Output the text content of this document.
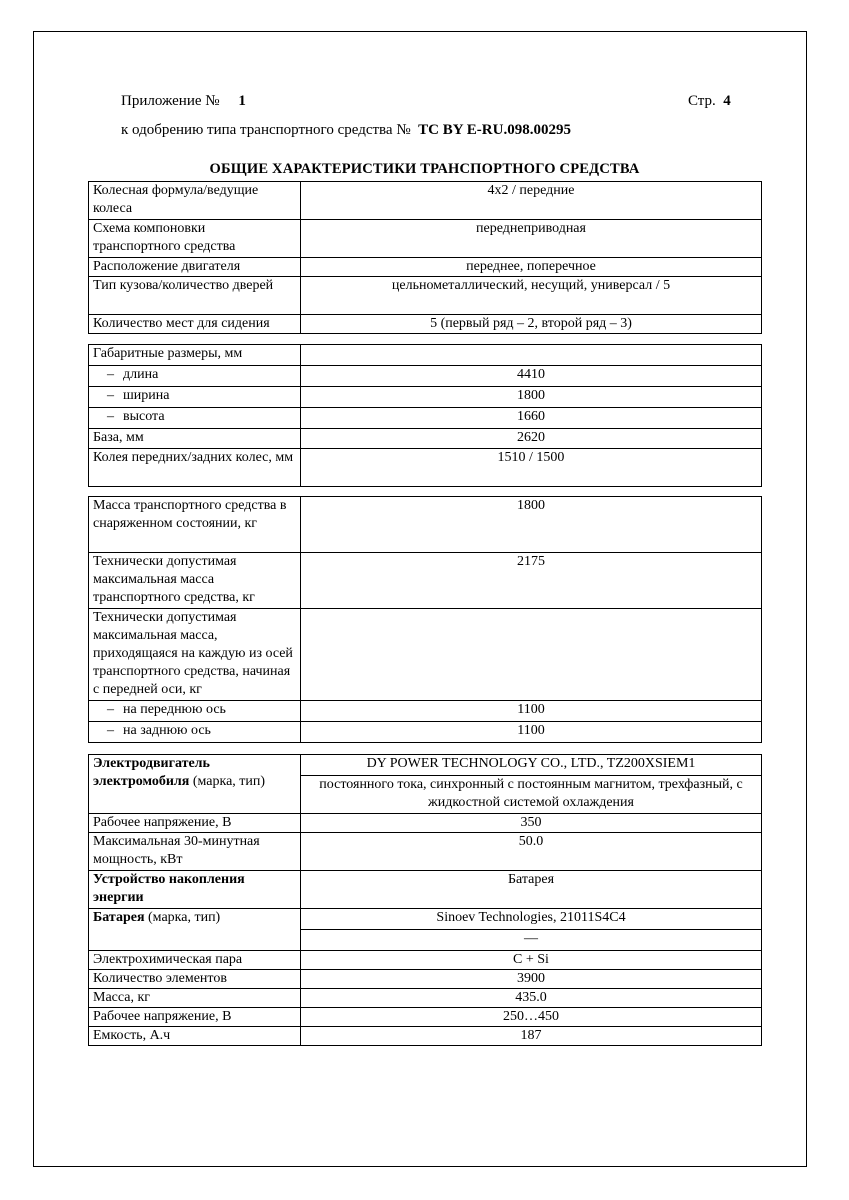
Приложение № 1	Стр. 4
к одобрению типа транспортного средства № ТС BY E-RU.098.00295
ОБЩИЕ ХАРАКТЕРИСТИКИ ТРАНСПОРТНОГО СРЕДСТВА
Колесная формула/ведущие колеса	4x2 / передние
Схема компоновки транспортного средства	переднеприводная
Расположение двигателя	переднее, поперечное
Тип кузова/количество дверей	цельнометаллический, несущий, универсал / 5
Количество мест для сидения	5 (первый ряд – 2, второй ряд – 3)
Габаритные размеры, мм	
– длина	4410
– ширина	1800
– высота	1660
База, мм	2620
Колея передних/задних колес, мм	1510 / 1500
Масса транспортного средства в снаряженном состоянии, кг	1800
Технически допустимая максимальная масса транспортного средства, кг	2175
Технически допустимая максимальная масса, приходящаяся на каждую из осей транспортного средства, начиная с передней оси, кг	
– на переднюю ось	1100
– на заднюю ось	1100
Электродвигатель электромобиля (марка, тип)	DY POWER TECHNOLOGY CO., LTD., TZ200XSIEM1
	постоянного тока, синхронный с постоянным магнитом, трехфазный, с жидкостной системой охлаждения
Рабочее напряжение, В	350
Максимальная 30-минутная мощность, кВт	50.0
Устройство накопления энергии	Батарея
Батарея (марка, тип)	Sinoev Technologies, 21011S4C4
	—
Электрохимическая пара	C + Si
Количество элементов	3900
Масса, кг	435.0
Рабочее напряжение, В	250…450
Емкость, А.ч	187
